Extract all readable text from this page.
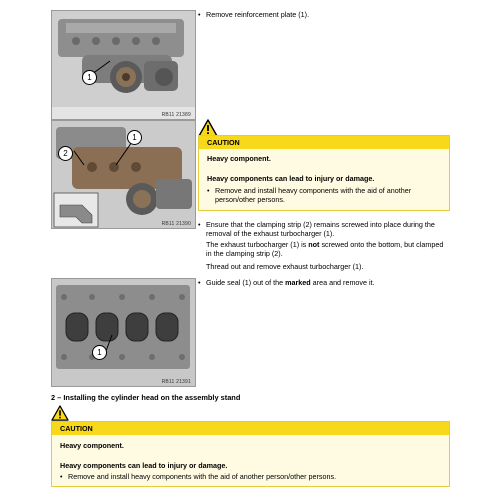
1
RB11 21389
2
1
RB11 21390
1
RB11 21391
• Remove reinforcement plate (1).
CAUTION
Heavy component.
Heavy components can lead to injury or damage.
• Remove and install heavy components with the aid of another person/other persons.
• Ensure that the clamping strip (2) remains screwed into place during the removal of the exhaust turbocharger (1).
The exhaust turbocharger (1) is not screwed onto the bottom, but clamped in the clamping strip (2).
Thread out and remove exhaust turbocharger (1).
• Guide seal (1) out of the marked area and remove it.
2 – Installing the cylinder head on the assembly stand
CAUTION
Heavy component.
Heavy components can lead to injury or damage.
• Remove and install heavy components with the aid of another person/other persons.
